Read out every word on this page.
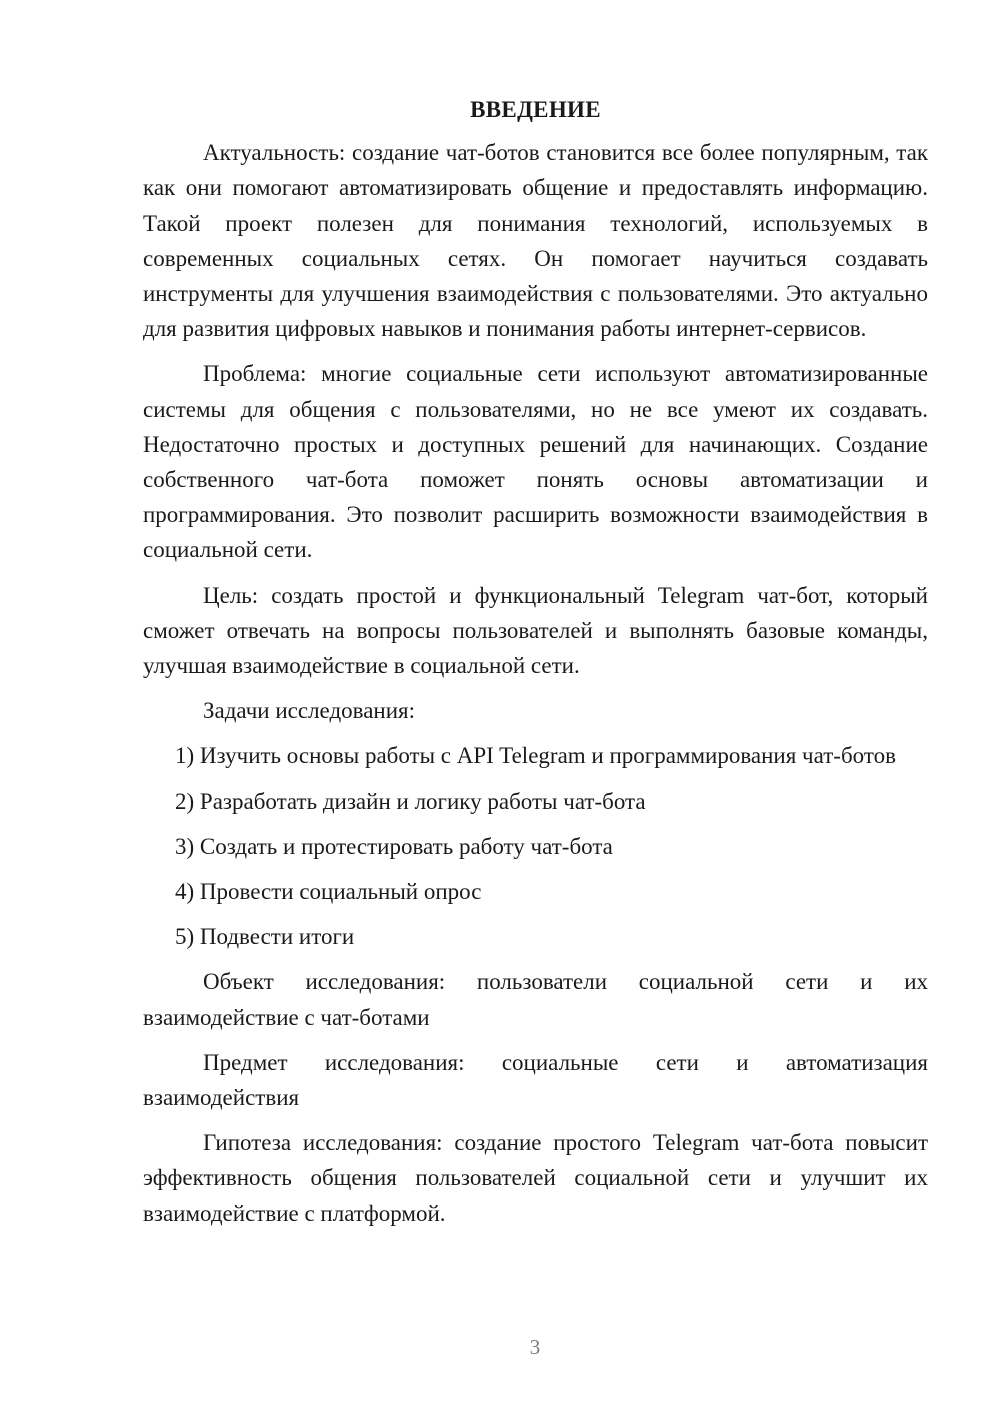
ВВЕДЕНИЕ

Актуальность: создание чат-ботов становится все более популярным, так как они помогают автоматизировать общение и предоставлять информацию. Такой проект полезен для понимания технологий, используемых в современных социальных сетях. Он помогает научиться создавать инструменты для улучшения взаимодействия с пользователями. Это актуально для развития цифровых навыков и понимания работы интернет-сервисов.

Проблема: многие социальные сети используют автоматизированные системы для общения с пользователями, но не все умеют их создавать. Недостаточно простых и доступных решений для начинающих. Создание собственного чат-бота поможет понять основы автоматизации и программирования. Это позволит расширить возможности взаимодействия в социальной сети.

Цель: создать простой и функциональный Telegram чат-бот, который сможет отвечать на вопросы пользователей и выполнять базовые команды, улучшая взаимодействие в социальной сети.

Задачи исследования:

1) Изучить основы работы с API Telegram и программирования чат-ботов

2) Разработать дизайн и логику работы чат-бота

3) Создать и протестировать работу чат-бота

4) Провести социальный опрос

5) Подвести итоги

Объект исследования: пользователи социальной сети и их взаимодействие с чат-ботами

Предмет исследования: социальные сети и автоматизация взаимодействия

Гипотеза исследования: создание простого Telegram чат-бота повысит эффективность общения пользователей социальной сети и улучшит их взаимодействие с платформой.

3
